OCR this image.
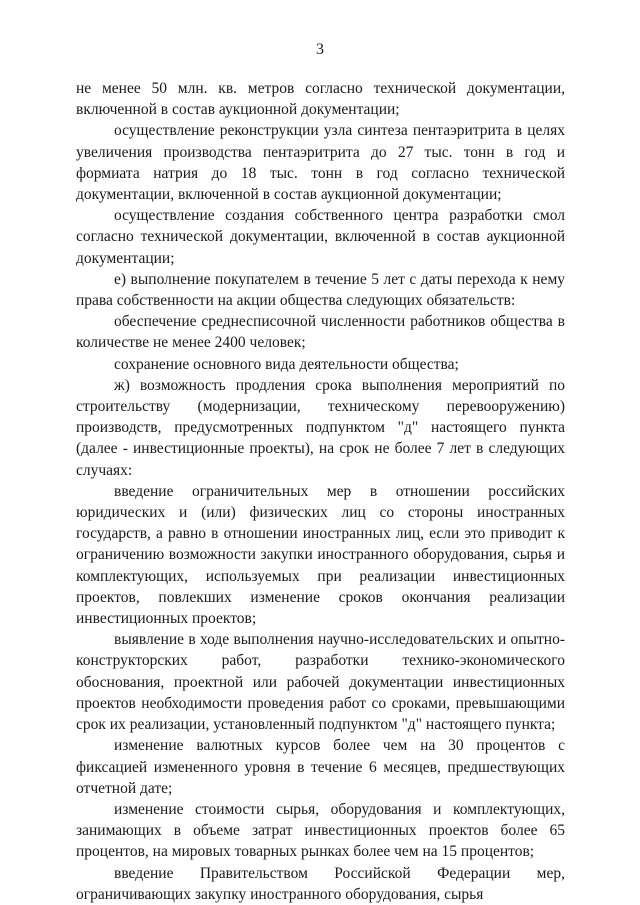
3

не менее 50 млн. кв. метров согласно технической документации, включенной в состав аукционной документации;

осуществление реконструкции узла синтеза пентаэритрита в целях увеличения производства пентаэритрита до 27 тыс. тонн в год и формиата натрия до 18 тыс. тонн в год согласно технической документации, включенной в состав аукционной документации;

осуществление создания собственного центра разработки смол согласно технической документации, включенной в состав аукционной документации;

е) выполнение покупателем в течение 5 лет с даты перехода к нему права собственности на акции общества следующих обязательств:

обеспечение среднесписочной численности работников общества в количестве не менее 2400 человек;

сохранение основного вида деятельности общества;

ж) возможность продления срока выполнения мероприятий по строительству (модернизации, техническому перевооружению) производств, предусмотренных подпунктом "д" настоящего пункта (далее - инвестиционные проекты), на срок не более 7 лет в следующих случаях:

введение ограничительных мер в отношении российских юридических и (или) физических лиц со стороны иностранных государств, а равно в отношении иностранных лиц, если это приводит к ограничению возможности закупки иностранного оборудования, сырья и комплектующих, используемых при реализации инвестиционных проектов, повлекших изменение сроков окончания реализации инвестиционных проектов;

выявление в ходе выполнения научно-исследовательских и опытно-конструкторских работ, разработки технико-экономического обоснования, проектной или рабочей документации инвестиционных проектов необходимости проведения работ со сроками, превышающими срок их реализации, установленный подпунктом "д" настоящего пункта;

изменение валютных курсов более чем на 30 процентов с фиксацией измененного уровня в течение 6 месяцев, предшествующих отчетной дате;

изменение стоимости сырья, оборудования и комплектующих, занимающих в объеме затрат инвестиционных проектов более 65 процентов, на мировых товарных рынках более чем на 15 процентов;

введение Правительством Российской Федерации мер, ограничивающих закупку иностранного оборудования, сырья
